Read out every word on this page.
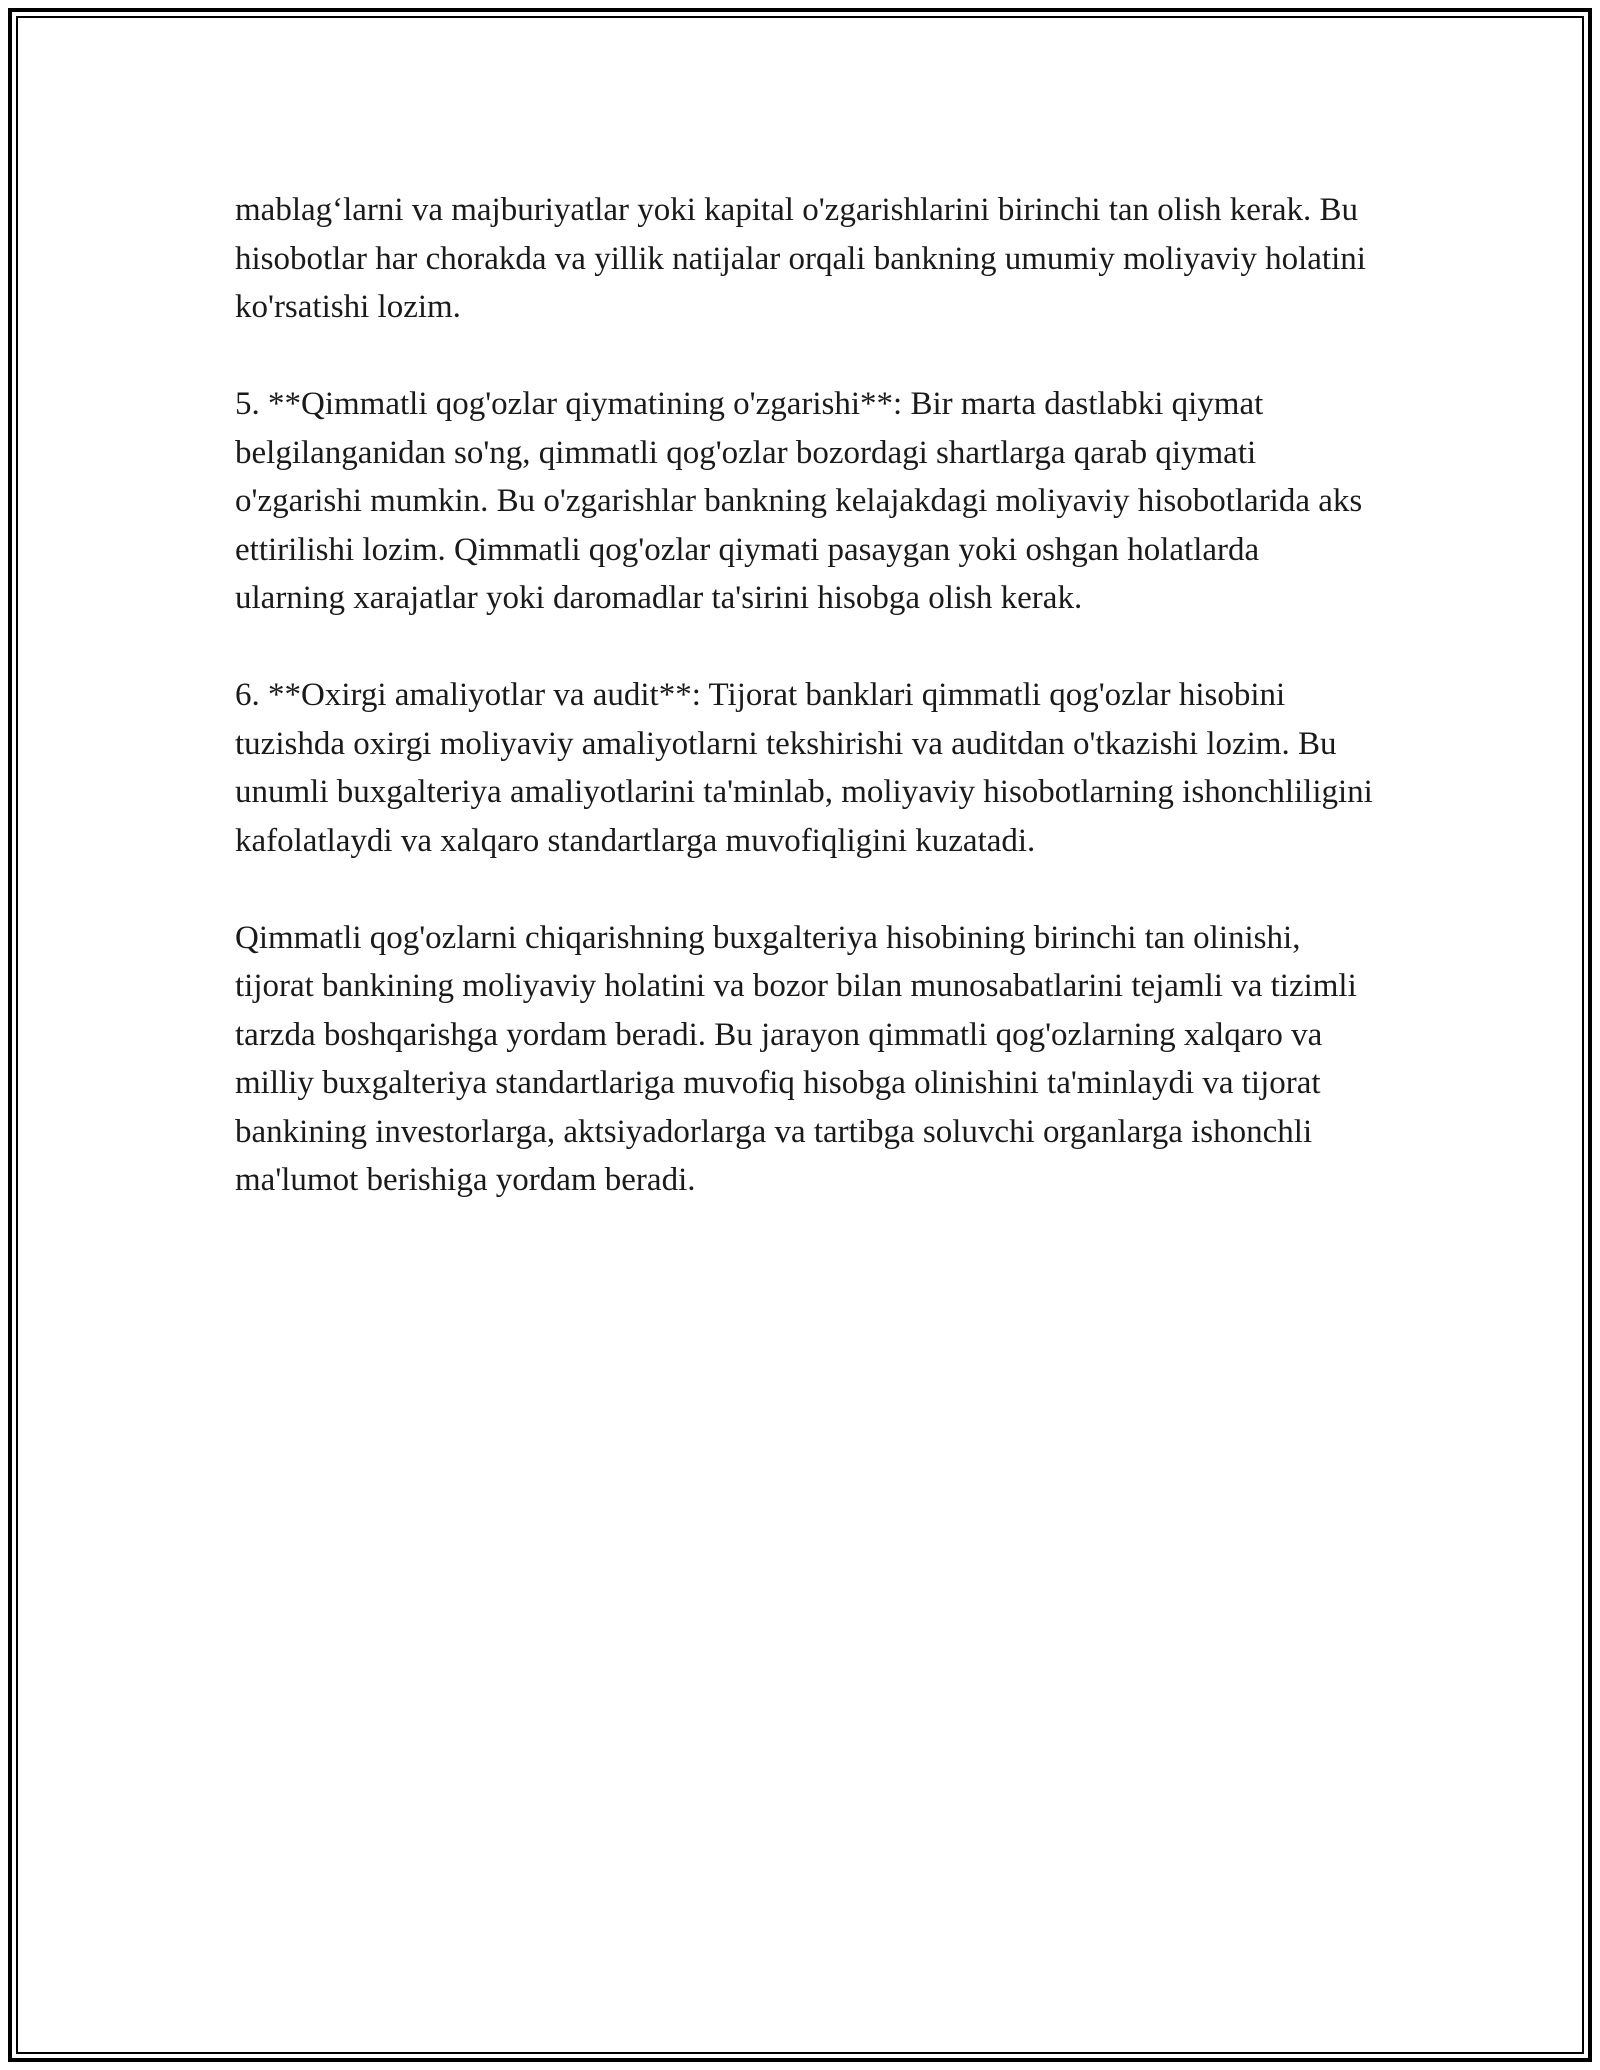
mablag‘larni va majburiyatlar yoki kapital o'zgarishlarini birinchi tan olish kerak. Bu hisobotlar har chorakda va yillik natijalar orqali bankning umumiy moliyaviy holatini ko'rsatishi lozim.

5. **Qimmatli qog'ozlar qiymatining o'zgarishi**: Bir marta dastlabki qiymat belgilanganidan so'ng, qimmatli qog'ozlar bozordagi shartlarga qarab qiymati o'zgarishi mumkin. Bu o'zgarishlar bankning kelajakdagi moliyaviy hisobotlarida aks ettirilishi lozim. Qimmatli qog'ozlar qiymati pasaygan yoki oshgan holatlarda ularning xarajatlar yoki daromadlar ta'sirini hisobga olish kerak.

6. **Oxirgi amaliyotlar va audit**: Tijorat banklari qimmatli qog'ozlar hisobini tuzishda oxirgi moliyaviy amaliyotlarni tekshirishi va auditdan o'tkazishi lozim. Bu unumli buxgalteriya amaliyotlarini ta'minlab, moliyaviy hisobotlarning ishonchliligini kafolatlaydi va xalqaro standartlarga muvofiqligini kuzatadi.

Qimmatli qog'ozlarni chiqarishning buxgalteriya hisobining birinchi tan olinishi, tijorat bankining moliyaviy holatini va bozor bilan munosabatlarini tejamli va tizimli tarzda boshqarishga yordam beradi. Bu jarayon qimmatli qog'ozlarning xalqaro va milliy buxgalteriya standartlariga muvofiq hisobga olinishini ta'minlaydi va tijorat bankining investorlarga, aktsiyadorlarga va tartibga soluvchi organlarga ishonchli ma'lumot berishiga yordam beradi.
